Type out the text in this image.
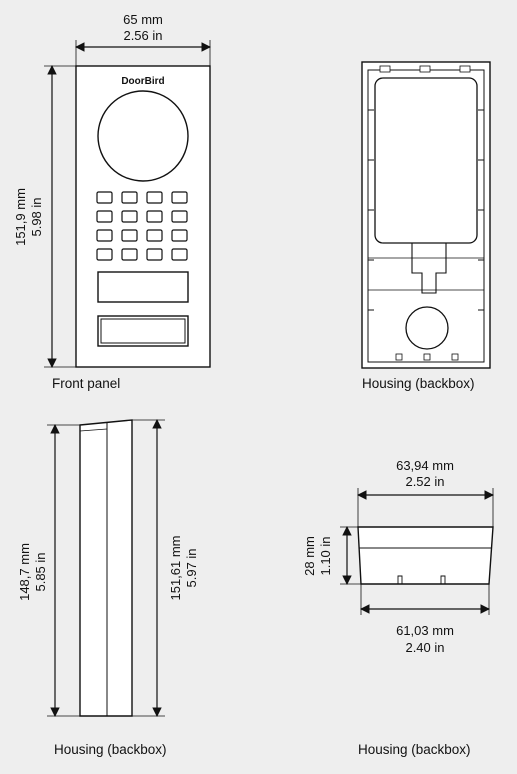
65 mm
2.56 in
151,9 mm 5.98 in
DoorBird
Front panel	Housing (backbox)
148,7 mm 5.85 in	151,61 mm 5.97 in
Housing (backbox)
63,94 mm
2.52 in
28 mm 1.10 in
61,03 mm
2.40 in
Housing (backbox)
